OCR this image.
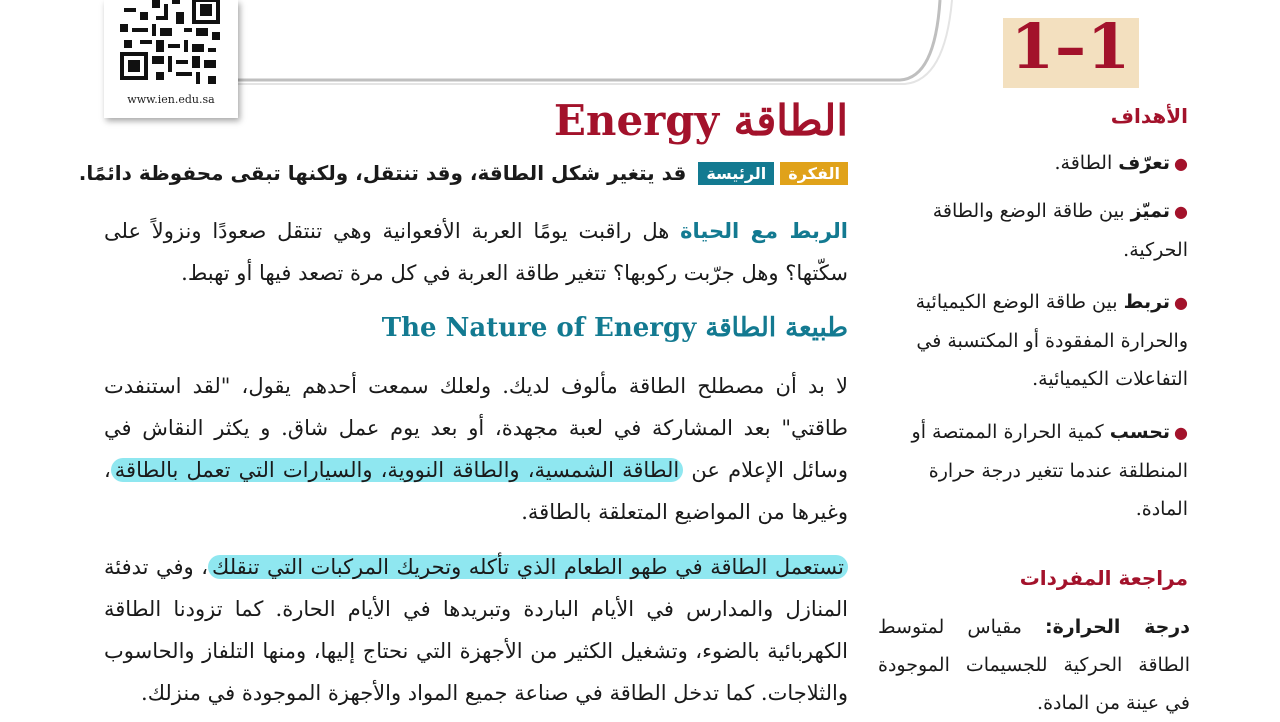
www.ien.edu.sa
1–1
الطاقة Energy
الفكرة
الرئيسة
قد يتغير شكل الطاقة، وقد تنتقل، ولكنها تبقى محفوظة دائمًا.
الربط مع الحياة هل راقبت يومًا العربة الأفعوانية وهي تنتقل صعودًا ونزولاً على سكّتها؟ وهل جرّبت ركوبها؟ تتغير طاقة العربة في كل مرة تصعد فيها أو تهبط.
طبيعة الطاقة The Nature of Energy
لا بد أن مصطلح الطاقة مألوف لديك. ولعلك سمعت أحدهم يقول، "لقد استنفدت طاقتي" بعد المشاركة في لعبة مجهدة، أو بعد يوم عمل شاق. و يكثر النقاش في وسائل الإعلام عن الطاقة الشمسية، والطاقة النووية، والسيارات التي تعمل بالطاقة، وغيرها من المواضيع المتعلقة بالطاقة.
تستعمل الطاقة في طهو الطعام الذي تأكله وتحريك المركبات التي تنقلك، وفي تدفئة المنازل والمدارس في الأيام الباردة وتبريدها في الأيام الحارة. كما تزودنا الطاقة الكهربائية بالضوء، وتشغيل الكثير من الأجهزة التي نحتاج إليها، ومنها التلفاز والحاسوب والثلاجات. كما تدخل الطاقة في صناعة جميع المواد والأجهزة الموجودة في منزلك.
الأهداف
●تعرّف الطاقة.
●تميّز بين طاقة الوضع والطاقة الحركية.
●تربط بين طاقة الوضع الكيميائية والحرارة المفقودة أو المكتسبة في التفاعلات الكيميائية.
●تحسب كمية الحرارة الممتصة أو المنطلقة عندما تتغير درجة حرارة المادة.
مراجعة المفردات
درجة الحرارة: مقياس لمتوسط الطاقة الحركية للجسيمات الموجودة في عينة من المادة.
